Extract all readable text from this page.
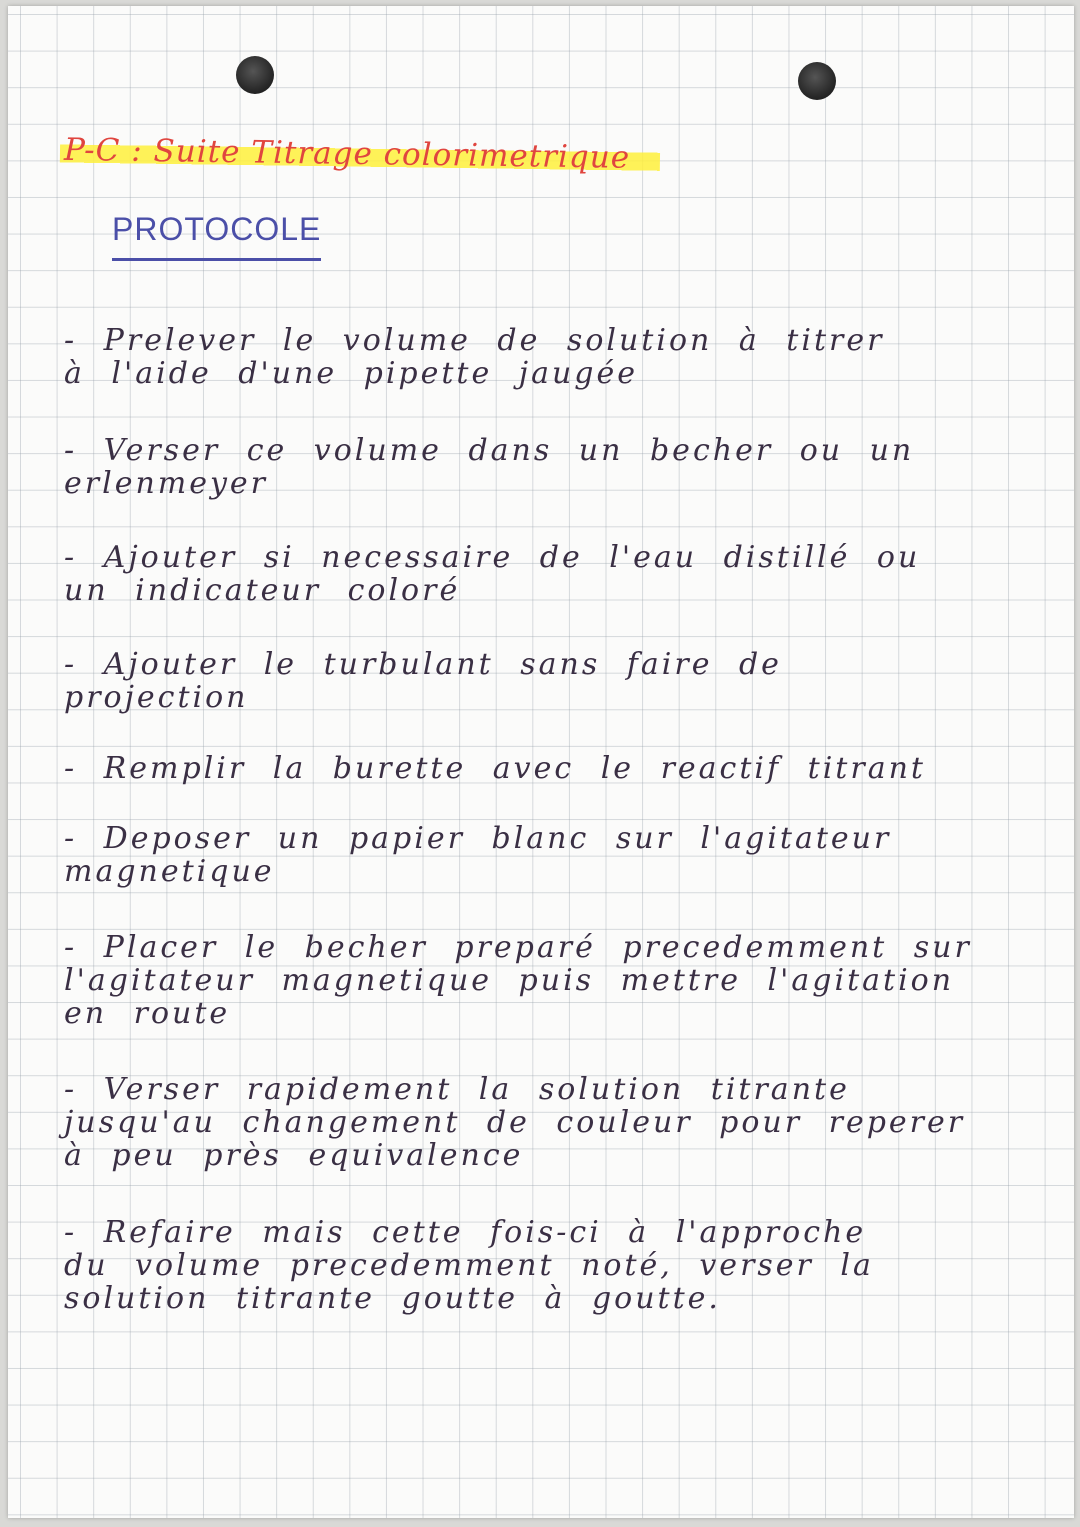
P-C : Suite Titrage colorimetrique
PROTOCOLE
- Prelever le volume de solution à titrer
à l'aide d'une pipette jaugée
- Verser ce volume dans un becher ou un
erlenmeyer
- Ajouter si necessaire de l'eau distillé ou
un indicateur coloré
- Ajouter le turbulant sans faire de
projection
- Remplir la burette avec le reactif titrant
- Deposer un papier blanc sur l'agitateur
magnetique
- Placer le becher preparé precedemment sur
l'agitateur magnetique puis mettre l'agitation
en route
- Verser rapidement la solution titrante
jusqu'au changement de couleur pour reperer
à peu près equivalence
- Refaire mais cette fois-ci à l'approche
du volume precedemment noté, verser la
solution titrante goutte à goutte.
